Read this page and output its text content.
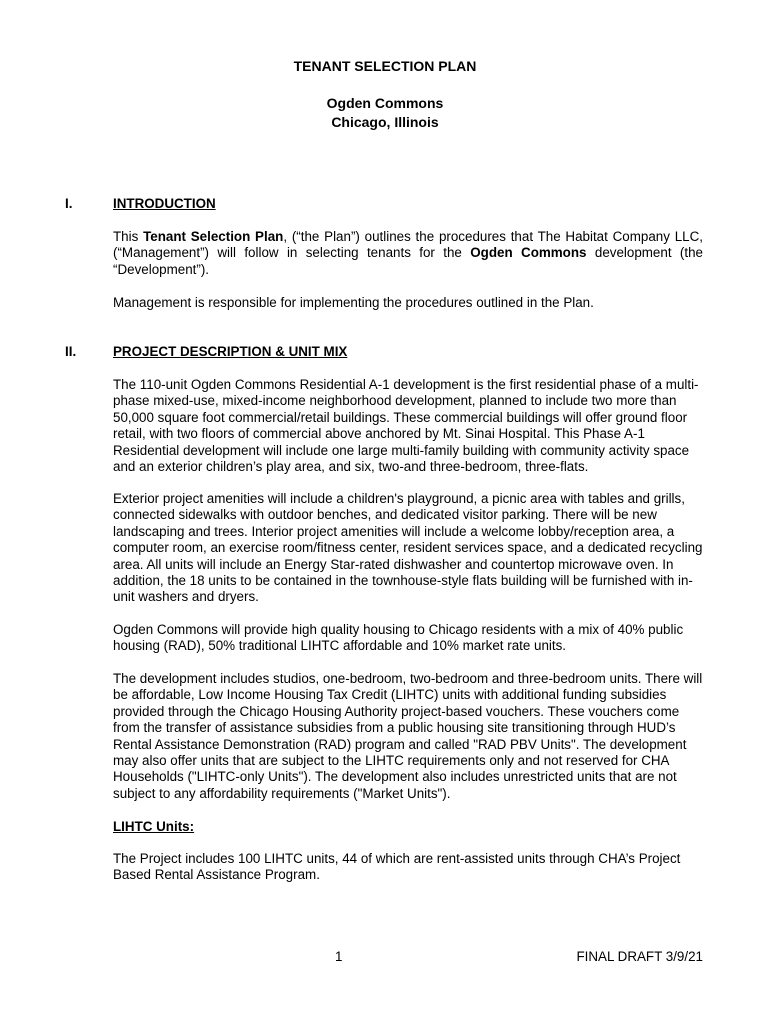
TENANT SELECTION PLAN
Ogden Commons
Chicago, Illinois
I.	INTRODUCTION

This Tenant Selection Plan, (“the Plan”) outlines the procedures that The Habitat Company LLC, (“Management”) will follow in selecting tenants for the Ogden Commons development (the “Development”).

Management is responsible for implementing the procedures outlined in the Plan.

II.	PROJECT DESCRIPTION & UNIT MIX

The 110-unit Ogden Commons Residential A-1 development is the first residential phase of a multi-phase mixed-use, mixed-income neighborhood development, planned to include two more than 50,000 square foot commercial/retail buildings. These commercial buildings will offer ground floor retail, with two floors of commercial above anchored by Mt. Sinai Hospital. This Phase A-1 Residential development will include one large multi-family building with community activity space and an exterior children’s play area, and six, two-and three-bedroom, three-flats.

Exterior project amenities will include a children's playground, a picnic area with tables and grills, connected sidewalks with outdoor benches, and dedicated visitor parking. There will be new landscaping and trees. Interior project amenities will include a welcome lobby/reception area, a computer room, an exercise room/fitness center, resident services space, and a dedicated recycling area. All units will include an Energy Star-rated dishwasher and countertop microwave oven. In addition, the 18 units to be contained in the townhouse-style flats building will be furnished with in-unit washers and dryers.

Ogden Commons will provide high quality housing to Chicago residents with a mix of 40% public housing (RAD), 50% traditional LIHTC affordable and 10% market rate units.

The development includes studios, one-bedroom, two-bedroom and three-bedroom units. There will be affordable, Low Income Housing Tax Credit (LIHTC) units with additional funding subsidies provided through the Chicago Housing Authority project-based vouchers. These vouchers come from the transfer of assistance subsidies from a public housing site transitioning through HUD’s Rental Assistance Demonstration (RAD) program and called "RAD PBV Units". The development may also offer units that are subject to the LIHTC requirements only and not reserved for CHA Households ("LIHTC-only Units"). The development also includes unrestricted units that are not subject to any affordability requirements ("Market Units").

LIHTC Units:

The Project includes 100 LIHTC units, 44 of which are rent-assisted units through CHA’s Project Based Rental Assistance Program.

1	FINAL DRAFT 3/9/21
